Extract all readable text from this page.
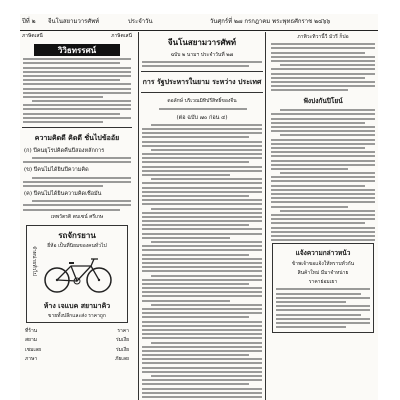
ปีที่ ๒ จีนโนสยามวารศัพท์	ประจำวัน	วันศุกร์ที่ ๒๗ กรกฎาคม พระพุทธศักราช ๒๔๖๖
ภาษิตเสนี	ภาษิตเสนี
วิวิธทรรศน์
ความคิดดี คิดดี ชั่นไปข้ออัย
(ก) ปีคนยุโรปคิดคืนปีสองหลักการ
(ข) ปีคนไม่ได้ยินปีความคิด
(ค) ปีคนไม่ได้ยินความคิดเชื่อมั่น
เทพวัตรติ ตบเซน์ ศรีเกษ
รถจักรยาน
ยี่ห้อ เป็นที่นิยมของคนทั่วไป
จำหน่ายทั่วไป
ห้าง เจแบค สยามาคิว
ขายทั้งปลีกและส่ง ราคาถูก
ที่ร้าน	ราคา
สยาม	ร่มเงีย
เชมเลย	ร่มเงีย
ภาษา	ภัยเลย
จีนโนสยามวารศัพท์
ฉบับ ๒ นามฯ ประจำวันที่ ๒๗
การ รัฐประหารในยาม ระหว่าง ประเทศ
ดอลักษ์ บริเวณมิทิปรีสิทธิ์ของจีน
(ต่อ ฉบับ ๗๐ ก่อน ๔)
ภาพิวะทิวานี้วี มัวรี ก็ปอ
ฟังบ่งกันปิโยน์
แจ้งความกล่าวหน้ว
ข้าพเจ้าขอแจ้งให้ทราบทั่วกัน
สินค้าใหม่ มีมาจำหน่าย
ราคาย่อมเยา
